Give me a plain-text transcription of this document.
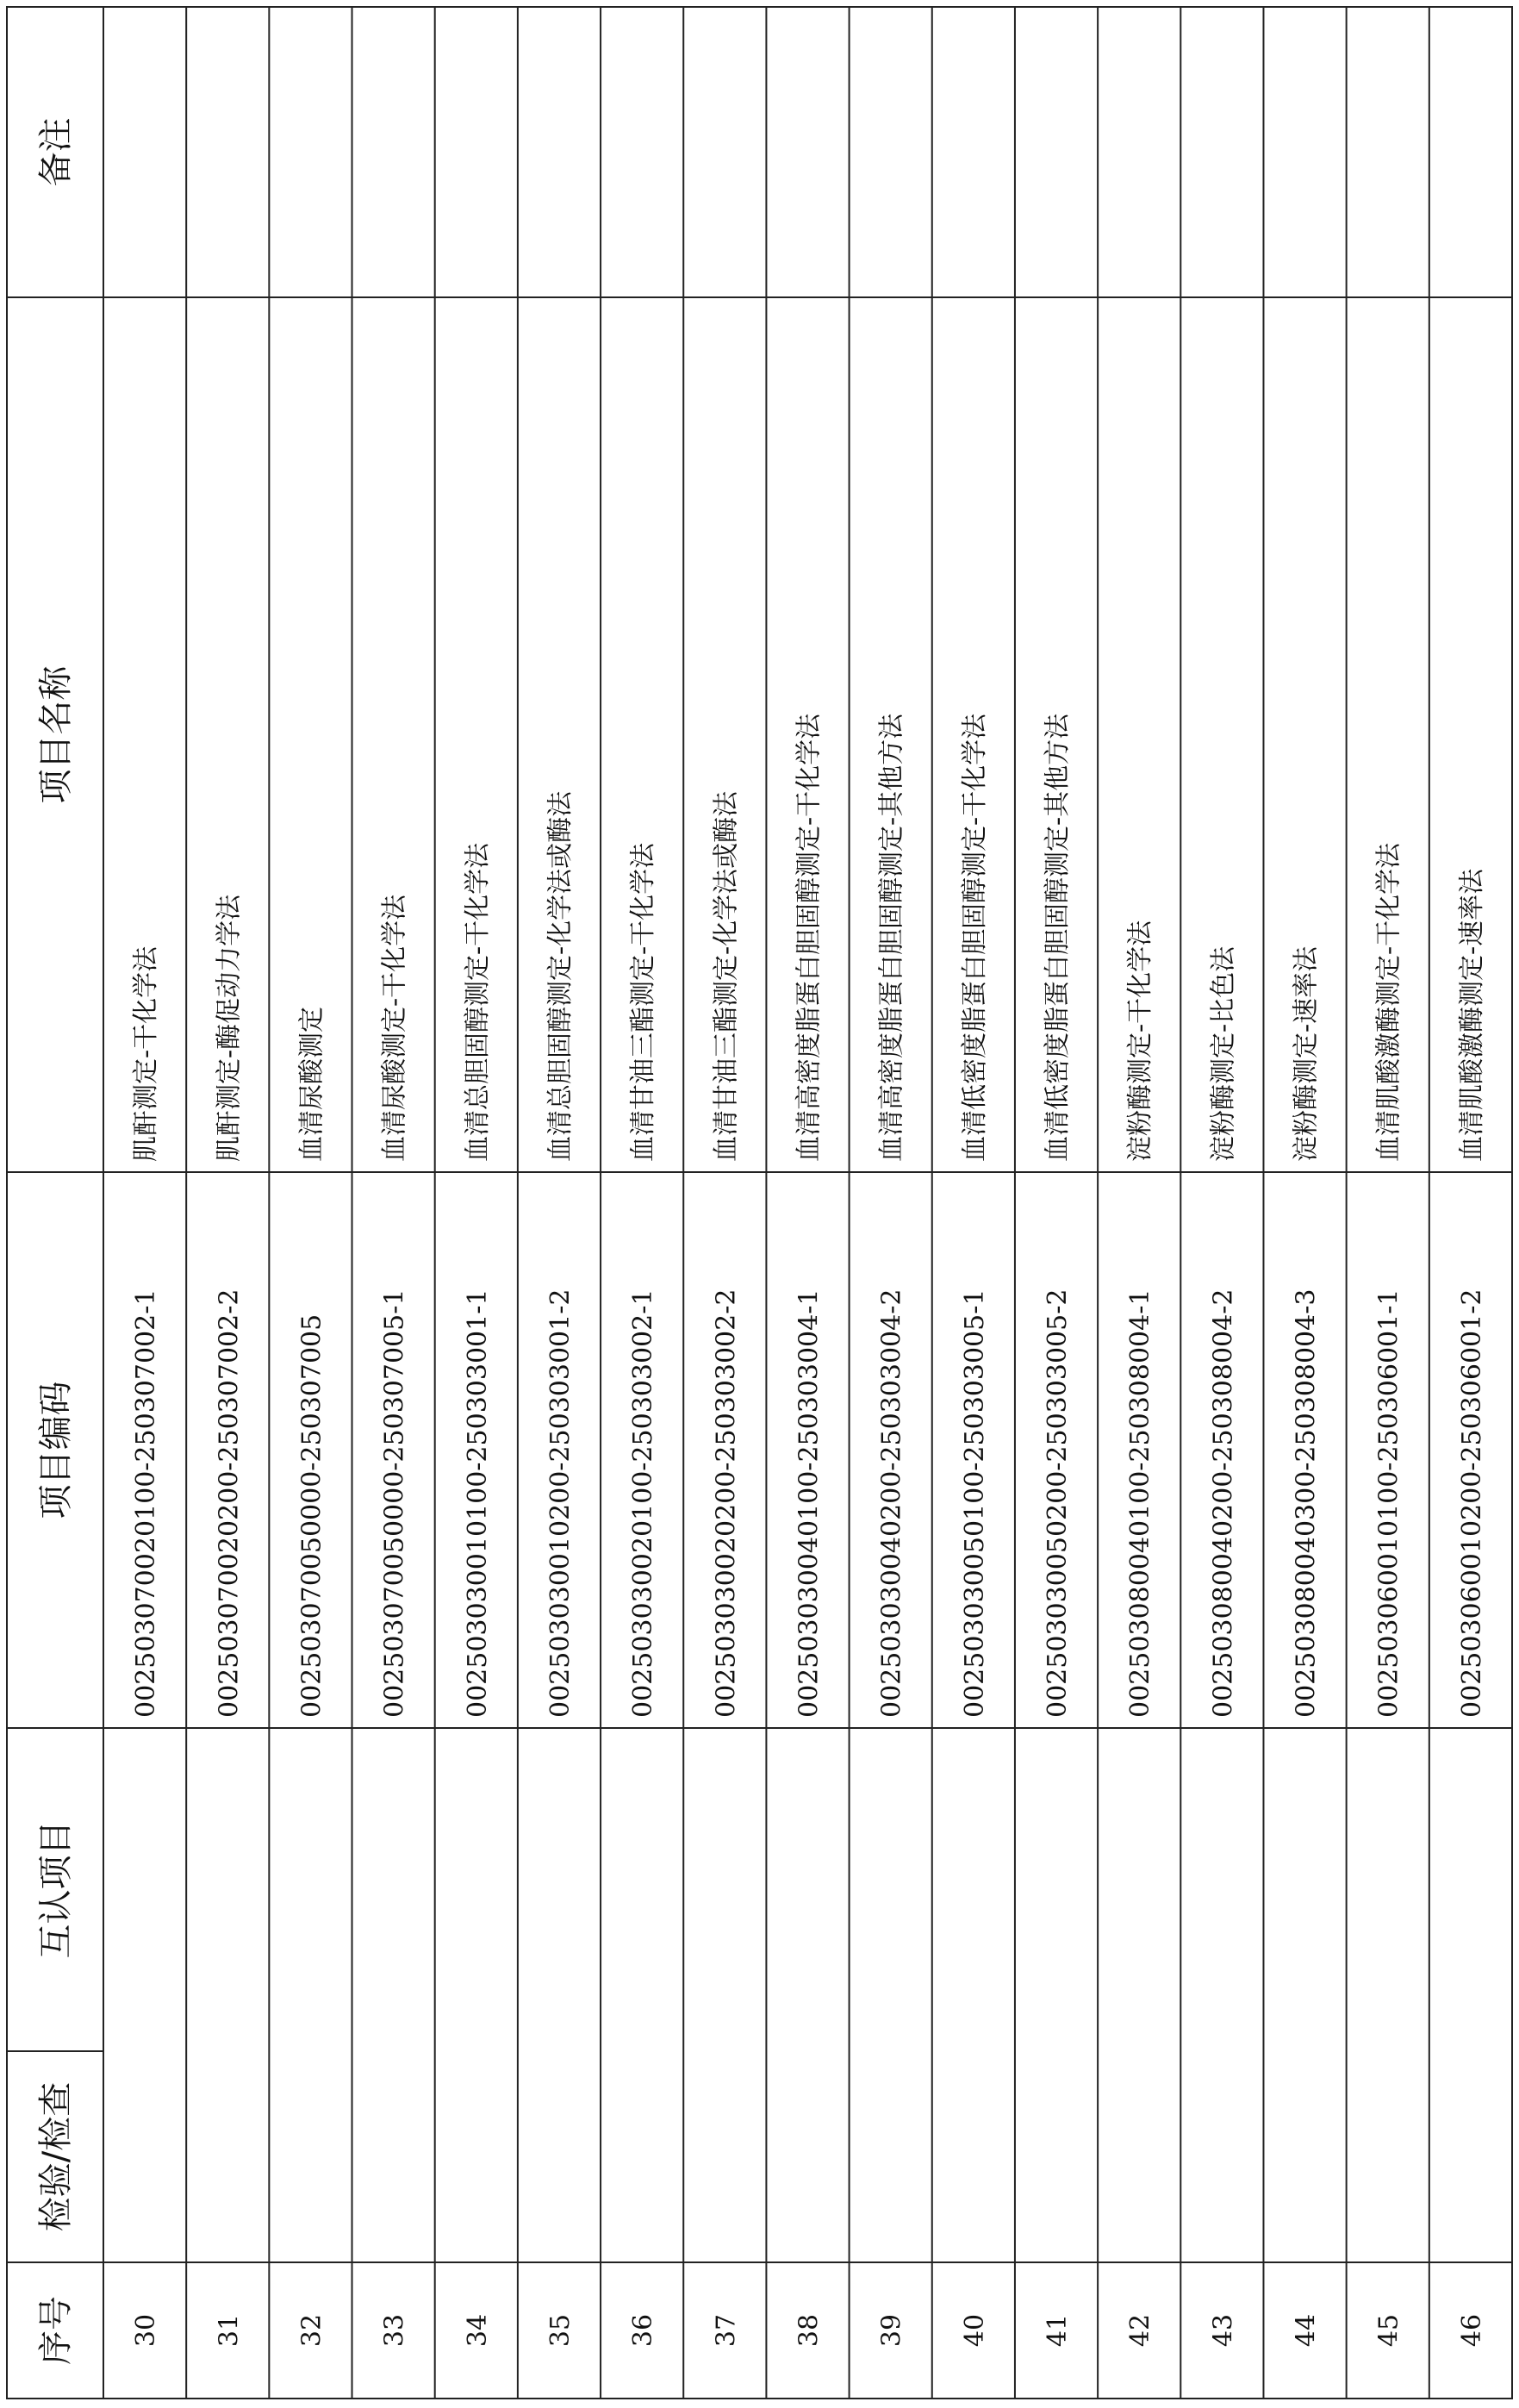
序号
检验/检查
互认项目
项目编码
项目名称
备注
30
002503070020100-250307002-1
肌酐测定-干化学法
31
002503070020200-250307002-2
肌酐测定-酶促动力学法
32
002503070050000-250307005
血清尿酸测定
33
002503070050000-250307005-1
血清尿酸测定-干化学法
34
002503030010100-250303001-1
血清总胆固醇测定-干化学法
35
002503030010200-250303001-2
血清总胆固醇测定-化学法或酶法
36
002503030020100-250303002-1
血清甘油三酯测定-干化学法
37
002503030020200-250303002-2
血清甘油三酯测定-化学法或酶法
38
002503030040100-250303004-1
血清高密度脂蛋白胆固醇测定-干化学法
39
002503030040200-250303004-2
血清高密度脂蛋白胆固醇测定-其他方法
40
002503030050100-250303005-1
血清低密度脂蛋白胆固醇测定-干化学法
41
002503030050200-250303005-2
血清低密度脂蛋白胆固醇测定-其他方法
42
002503080040100-250308004-1
淀粉酶测定-干化学法
43
002503080040200-250308004-2
淀粉酶测定-比色法
44
002503080040300-250308004-3
淀粉酶测定-速率法
45
002503060010100-250306001-1
血清肌酸激酶测定-干化学法
46
002503060010200-250306001-2
血清肌酸激酶测定-速率法
